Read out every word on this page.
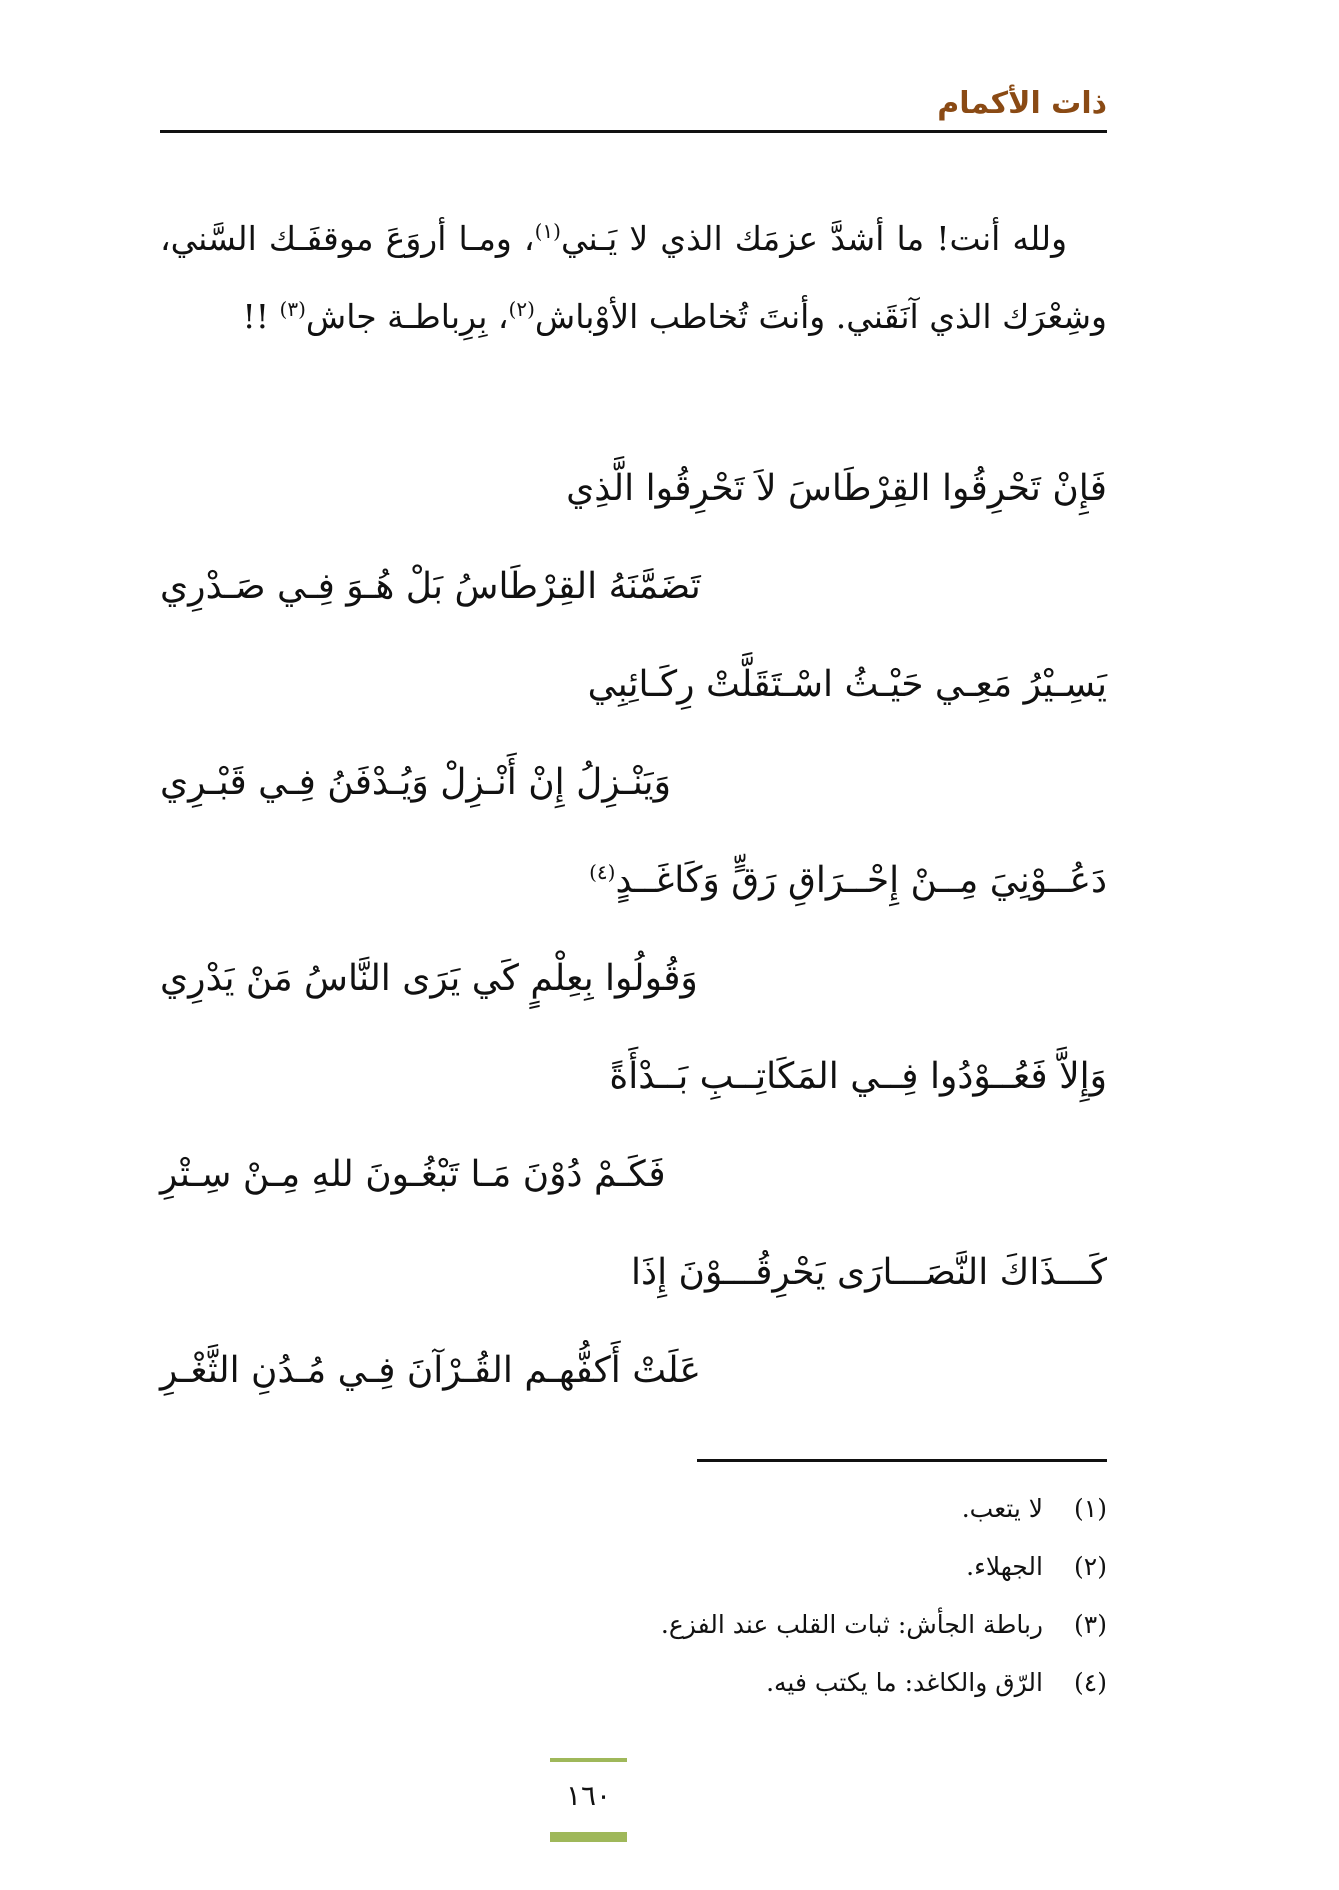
ذات الأكمام

ولله أنت! ما أشدَّ عزمَك الذي لا يَـني$^{(١)}$، ومـا أروَعَ موقفَـك السَّني، وشِعْرَك الذي آنَقَني. وأنتَ تُخاطب الأوْباش$^{(٢)}$، بِرِباطـة جاش$^{(٣)}$ !!

فَإِنْ تَحْرِقُوا القِرْطَاسَ لاَ تَحْرِقُوا الَّذِي
تَضَمَّنَهُ القِرْطَاسُ بَلْ هُـوَ فِـي صَـدْرِي
يَسِـيْرُ مَعِـي حَيْـثُ اسْـتَقَلَّتْ رِكَـائِبِي
وَيَنْـزِلُ إِنْ أَنْـزِلْ وَيُـدْفَنُ فِـي قَبْـرِي
دَعُــوْنِيَ مِــنْ إِحْــرَاقِ رَقٍّ وَكَاغَــدٍ$^{(٤)}$
وَقُولُوا بِعِلْمٍ كَي يَرَى النَّاسُ مَنْ يَدْرِي
وَإِلاَّ فَعُــوْدُوا فِــي المَكَاتِــبِ بَــدْأَةً
فَكَـمْ دُوْنَ مَـا تَبْغُـونَ للهِ مِـنْ سِـتْرِ
كَـــذَاكَ النَّصَـــارَى يَحْرِقُـــوْنَ إِذَا
عَلَتْ أَكفُّهـم القُـرْآنَ فِـي مُـدُنِ الثَّغْـرِ
(١)لا يتعب.
(٢)الجهلاء.
(٣)رباطة الجأش: ثبات القلب عند الفزع.
(٤)الرّق والكاغد: ما يكتب فيه.
١٦٠
